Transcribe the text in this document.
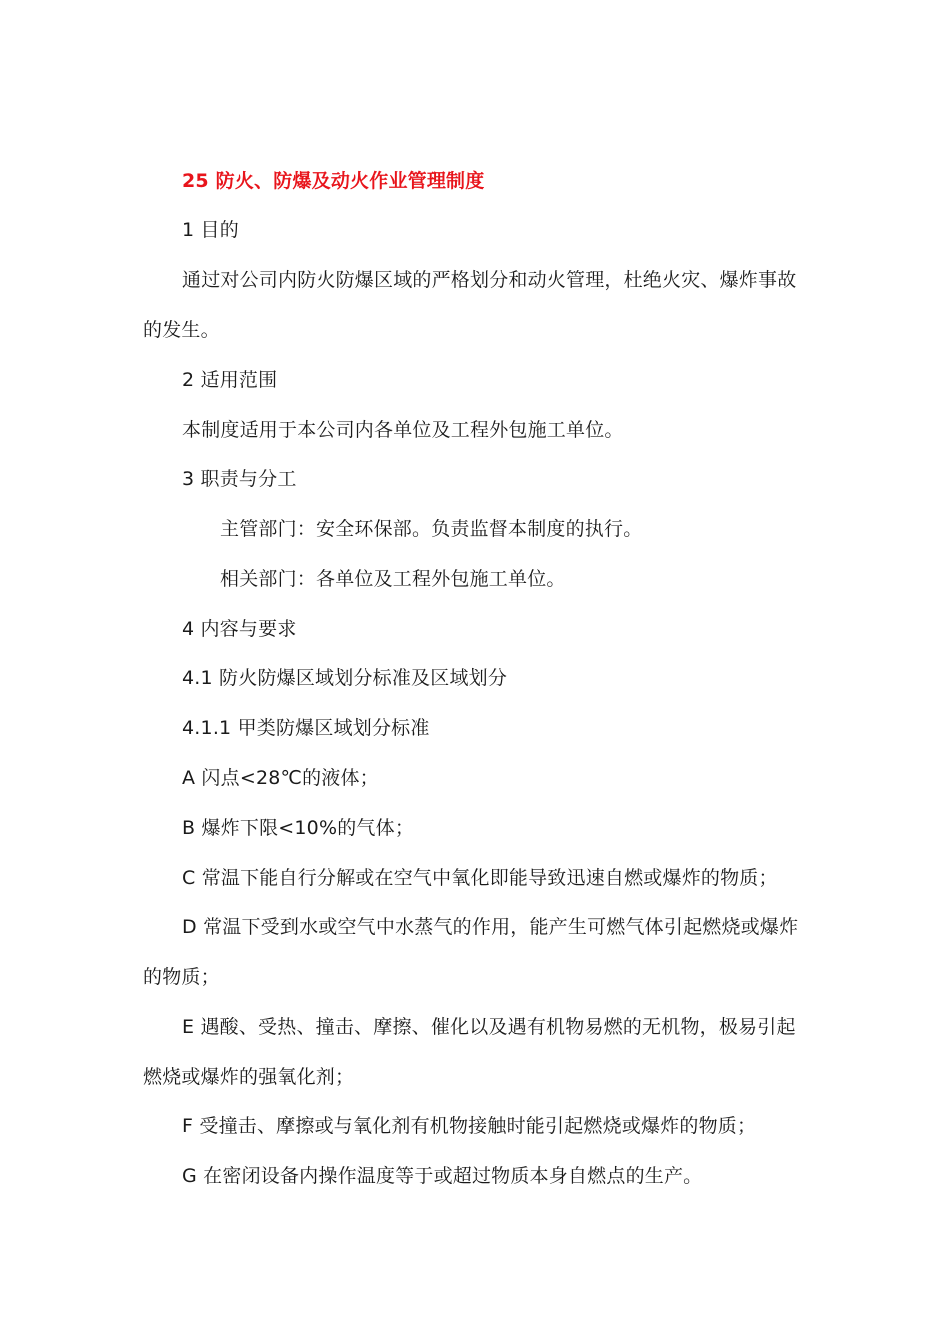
25 防火、防爆及动火作业管理制度
1 目的
通过对公司内防火防爆区域的严格划分和动火管理，杜绝火灾、爆炸事故
的发生。
2 适用范围
本制度适用于本公司内各单位及工程外包施工单位。
3 职责与分工
主管部门：安全环保部。负责监督本制度的执行。
相关部门：各单位及工程外包施工单位。
4 内容与要求
4.1 防火防爆区域划分标准及区域划分
4.1.1 甲类防爆区域划分标准
A 闪点<28℃的液体；
B 爆炸下限<10%的气体；
C 常温下能自行分解或在空气中氧化即能导致迅速自燃或爆炸的物质；
D 常温下受到水或空气中水蒸气的作用，能产生可燃气体引起燃烧或爆炸
的物质；
E 遇酸、受热、撞击、摩擦、催化以及遇有机物易燃的无机物，极易引起
燃烧或爆炸的强氧化剂；
F 受撞击、摩擦或与氧化剂有机物接触时能引起燃烧或爆炸的物质；
G 在密闭设备内操作温度等于或超过物质本身自燃点的生产。
